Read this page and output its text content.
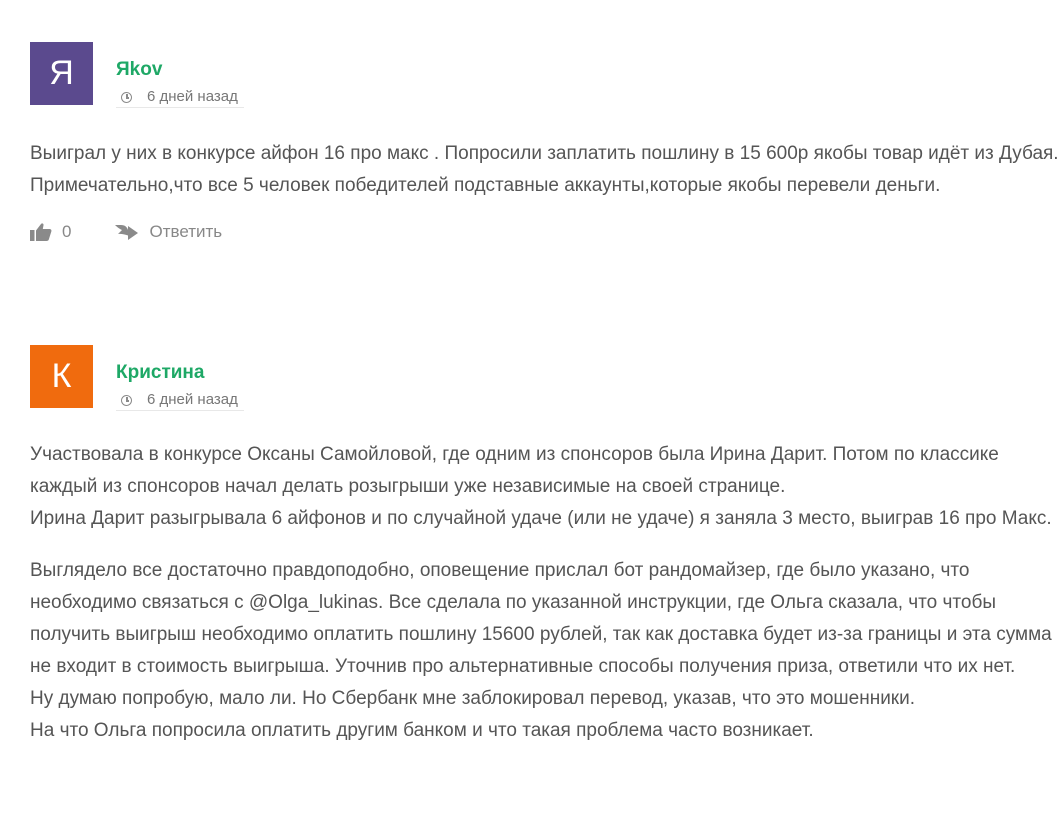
Я	Яkov
6 дней назад

Выиграл у них в конкурсе айфон 16 про макс . Попросили заплатить пошлину в 15 600р якобы товар идёт из Дубая.

Примечательно,что все 5 человек победителей подставные аккаунты,которые якобы перевели деньги.

0	Ответить
К	Кристина
6 дней назад

Участвовала в конкурсе Оксаны Самойловой, где одним из спонсоров была Ирина Дарит. Потом по классике каждый из спонсоров начал делать розыгрыши уже независимые на своей странице.

Ирина Дарит разыгрывала 6 айфонов и по случайной удаче (или не удаче) я заняла 3 место, выиграв 16 про Макс.

Выглядело все достаточно правдоподобно, оповещение прислал бот рандомайзер, где было указано, что необходимо связаться с @Olga_lukinas. Все сделала по указанной инструкции, где Ольга сказала, что чтобы получить выигрыш необходимо оплатить пошлину 15600 рублей, так как доставка будет из-за границы и эта сумма не входит в стоимость выигрыша. Уточнив про альтернативные способы получения приза, ответили что их нет.

Ну думаю попробую, мало ли. Но Сбербанк мне заблокировал перевод, указав, что это мошенники.

На что Ольга попросила оплатить другим банком и что такая проблема часто возникает.
